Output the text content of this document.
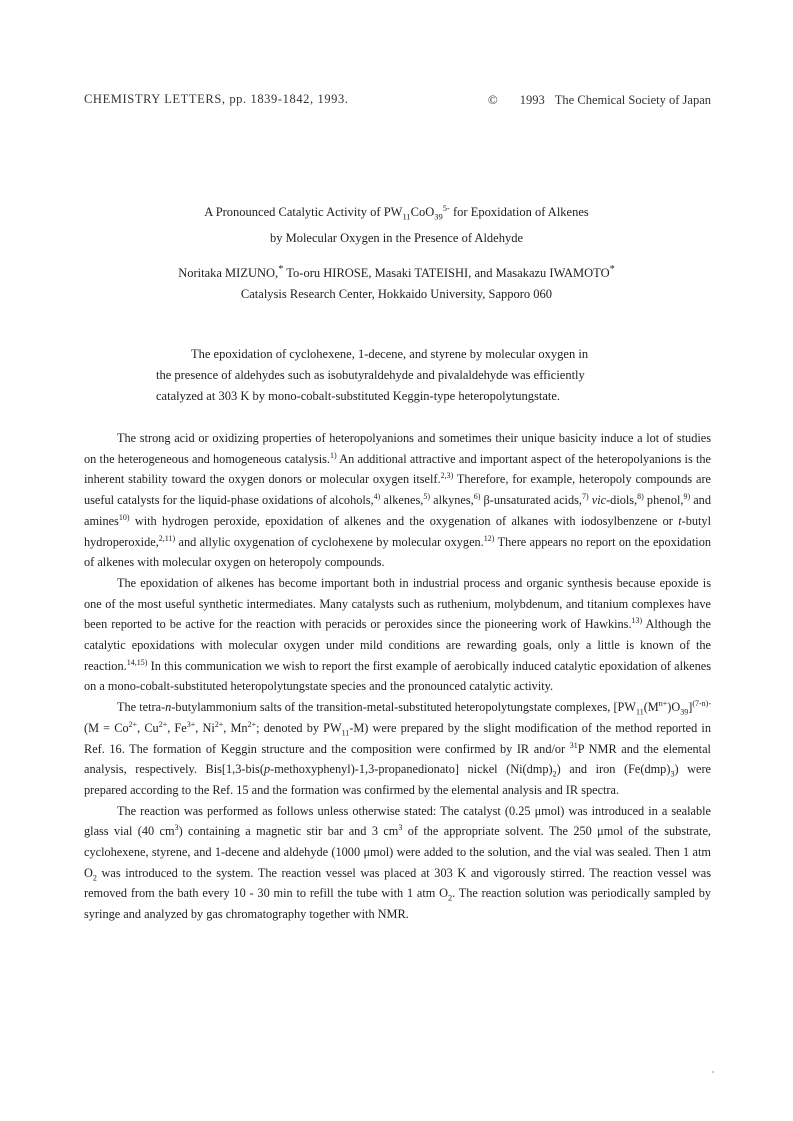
CHEMISTRY LETTERS, pp. 1839-1842, 1993.	© 1993 The Chemical Society of Japan
A Pronounced Catalytic Activity of $PW_{11}CoO_{39}^{5-}$ for Epoxidation of Alkenes
by Molecular Oxygen in the Presence of Aldehyde
Noritaka MIZUNO,* To-oru HIROSE, Masaki TATEISHI, and Masakazu IWAMOTO*
Catalysis Research Center, Hokkaido University, Sapporo 060
The epoxidation of cyclohexene, 1-decene, and styrene by molecular oxygen in
the presence of aldehydes such as isobutyraldehyde and pivalaldehyde was efficiently
catalyzed at 303 K by mono-cobalt-substituted Keggin-type heteropolytungstate.

The strong acid or oxidizing properties of heteropolyanions and sometimes their unique basicity induce a lot of studies on the heterogeneous and homogeneous catalysis.$^{1)}$ An additional attractive and important aspect of the heteropolyanions is the inherent stability toward the oxygen donors or molecular oxygen itself.$^{2,3)}$ Therefore, for example, heteropoly compounds are useful catalysts for the liquid-phase oxidations of alcohols,$^{4)}$ alkenes,$^{5)}$ alkynes,$^{6)}$ β-unsaturated acids,$^{7)}$ vic-diols,$^{8)}$ phenol,$^{9)}$ and amines$^{10)}$ with hydrogen peroxide, epoxidation of alkenes and the oxygenation of alkanes with iodosylbenzene or t-butyl hydroperoxide,$^{2,11)}$ and allylic oxygenation of cyclohexene by molecular oxygen.$^{12)}$ There appears no report on the epoxidation of alkenes with molecular oxygen on heteropoly compounds.

The epoxidation of alkenes has become important both in industrial process and organic synthesis because epoxide is one of the most useful synthetic intermediates. Many catalysts such as ruthenium, molybdenum, and titanium complexes have been reported to be active for the reaction with peracids or peroxides since the pioneering work of Hawkins.$^{13)}$ Although the catalytic epoxidations with molecular oxygen under mild conditions are rewarding goals, only a little is known of the reaction.$^{14,15)}$ In this communication we wish to report the first example of aerobically induced catalytic epoxidation of alkenes on a mono-cobalt-substituted heteropolytungstate species and the pronounced catalytic activity.

The tetra-n-butylammonium salts of the transition-metal-substituted heteropolytungstate complexes, $[PW_{11}(M^{n+})O_{39}]^{(7-n)-}$ ($M = Co^{2+}$, $Cu^{2+}$, $Fe^{3+}$, $Ni^{2+}$, $Mn^{2+}$; denoted by $PW_{11}-M$) were prepared by the slight modification of the method reported in Ref. 16. The formation of Keggin structure and the composition were confirmed by IR and/or $^{31}$P NMR and the elemental analysis, respectively. Bis[1,3-bis(p-methoxyphenyl)-1,3-propanedionato] nickel $(Ni(dmp)_2)$ and iron $(Fe(dmp)_3)$ were prepared according to the Ref. 15 and the formation was confirmed by the elemental analysis and IR spectra.

The reaction was performed as follows unless otherwise stated: The catalyst (0.25 μmol) was introduced in a sealable glass vial (40 $cm^3$) containing a magnetic stir bar and 3 $cm^3$ of the appropriate solvent. The 250 μmol of the substrate, cyclohexene, styrene, and 1-decene and aldehyde (1000 μmol) were added to the solution, and the vial was sealed. Then 1 atm $O_2$ was introduced to the system. The reaction vessel was placed at 303 K and vigorously stirred. The reaction vessel was removed from the bath every 10 - 30 min to refill the tube with 1 atm $O_2$. The reaction solution was periodically sampled by syringe and analyzed by gas chromatography together with NMR.
